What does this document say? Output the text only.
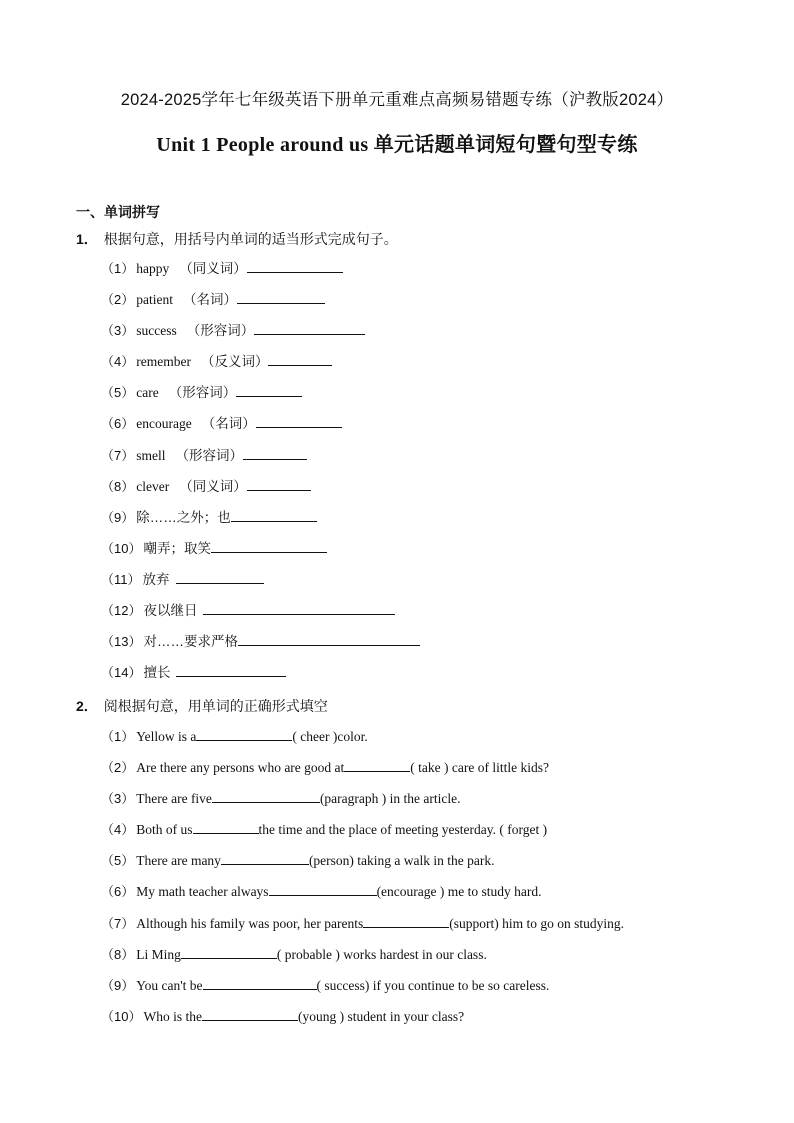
2024-2025学年七年级英语下册单元重难点高频易错题专练（沪教版2024）
Unit 1 People around us 单元话题单词短句暨句型专练
一、单词拼写
1． 根据句意，用括号内单词的适当形式完成句子。
（1） happy （同义词）
（2） patient （名词）
（3） success （形容词）
（4） remember （反义词）
（5） care （形容词）
（6） encourage （名词）
（7） smell （形容词）
（8） clever （同义词）
（9） 除……之外；也
（10） 嘲弄；取笑
（11） 放弃
（12） 夜以继日
（13） 对……要求严格
（14） 擅长
2． 阅根据句意，用单词的正确形式填空
（1） Yellow is a	( cheer )color.
（2） Are there any persons who are good at	( take ) care of little kids?
（3） There are five	(paragraph ) in the article.
（4） Both of us	the time and the place of meeting yesterday. ( forget )
（5） There are many	(person) taking a walk in the park.
（6） My math teacher always	(encourage ) me to study hard.
（7） Although his family was poor, her parents	(support) him to go on studying.
（8） Li Ming	( probable ) works hardest in our class.
（9） You can't be	( success) if you continue to be so careless.
（10） Who is the	(young ) student in your class?
